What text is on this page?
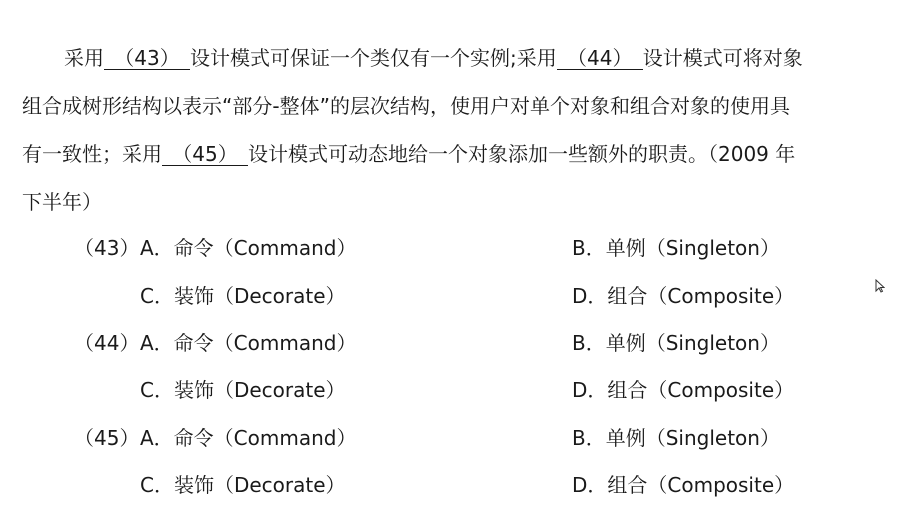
采用 （43） 设计模式可保证一个类仅有一个实例;采用 （44） 设计模式可将对象
组合成树形结构以表示“部分-整体”的层次结构，使用户对单个对象和组合对象的使用具
有一致性；采用 （45） 设计模式可动态地给一个对象添加一些额外的职责。（2009 年
下半年）
（43） A．命令（Command）	B．单例（Singleton）
C．装饰（Decorate）	D．组合（Composite）
（44） A．命令（Command）	B．单例（Singleton）
C．装饰（Decorate）	D．组合（Composite）
（45） A．命令（Command）	B．单例（Singleton）
C．装饰（Decorate）	D．组合（Composite）
